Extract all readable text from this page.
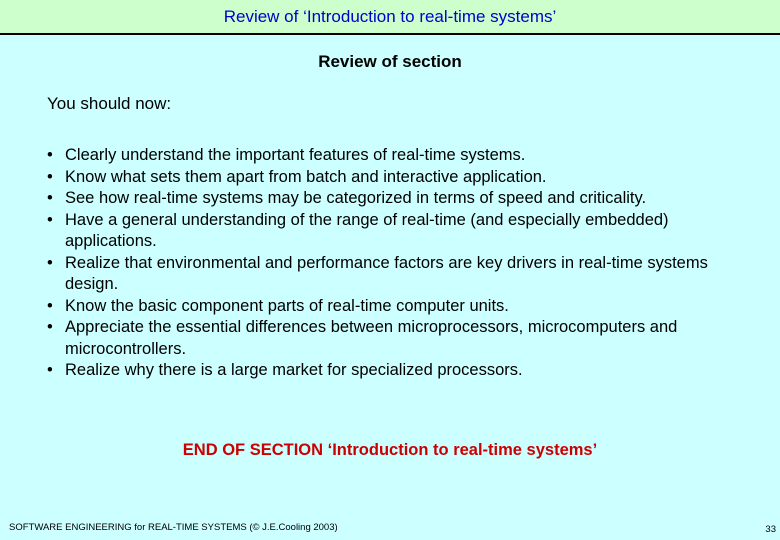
Review of ‘Introduction to real-time systems’
Review of section
You should now:
• Clearly understand the important features of real-time systems.
• Know what sets them apart from batch and interactive application.
• See how real-time systems may be categorized in terms of speed and criticality.
• Have a general understanding of the range of real-time (and especially embedded) applications.
• Realize that environmental and performance factors are key drivers in real-time systems design.
• Know the basic component parts of real-time computer units.
• Appreciate the essential differences between microprocessors, microcomputers and microcontrollers.
• Realize why there is a large market for specialized processors.
END OF SECTION ‘Introduction to real-time systems’
SOFTWARE ENGINEERING for REAL-TIME SYSTEMS (© J.E.Cooling 2003)	33
